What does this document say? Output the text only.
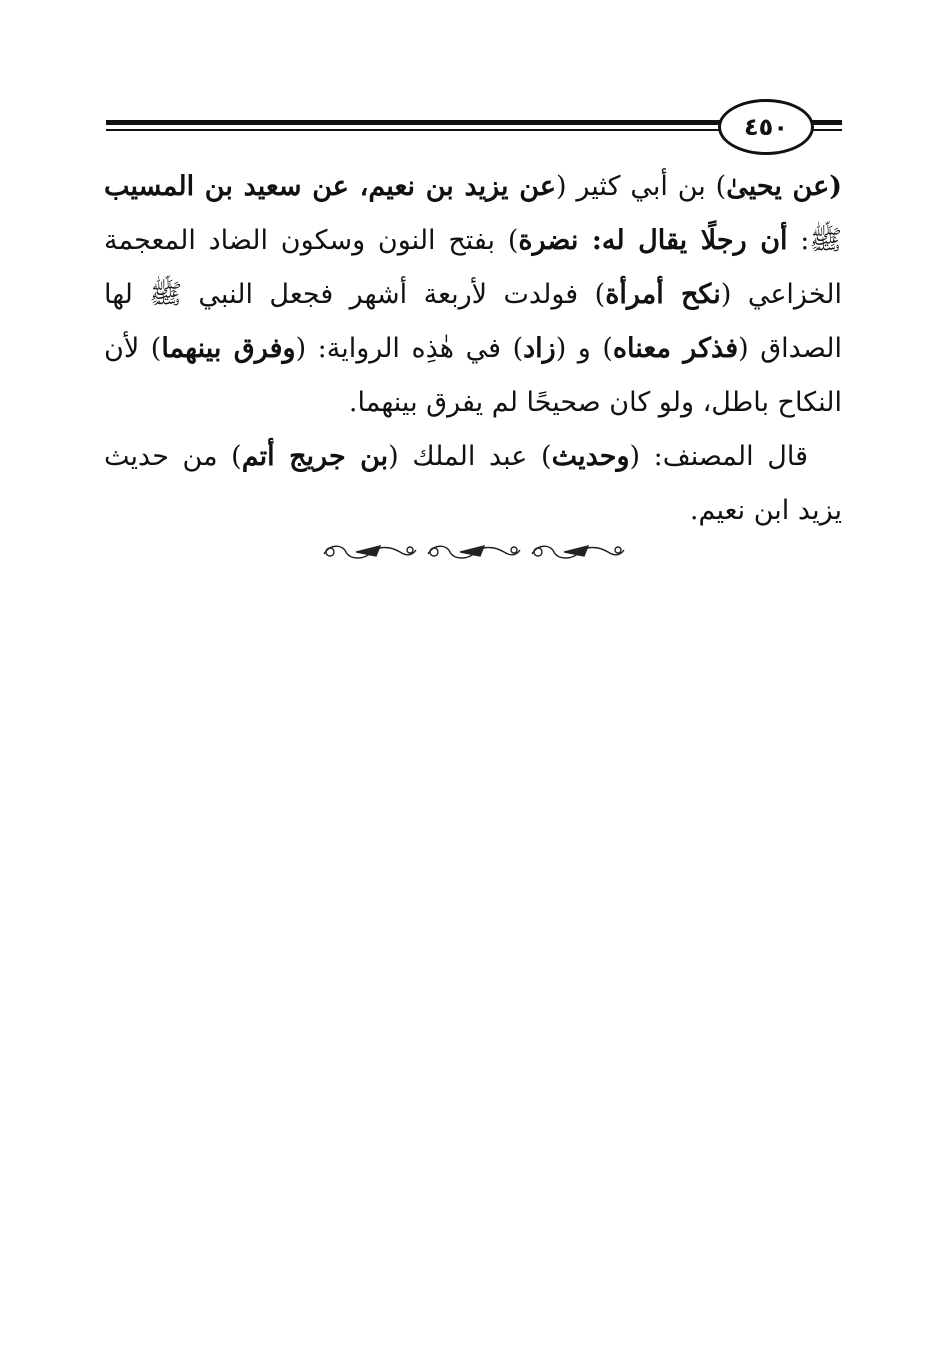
٤٥٠

(عن يحيىٰ) بن أبي كثير (عن يزيد بن نعيم، عن سعيد بن المسيب ﷺ: أن رجلًا يقال له: نضرة) بفتح النون وسكون الضاد المعجمة الخزاعي (نكح أمرأة) فولدت لأربعة أشهر فجعل النبي ﷺ لها الصداق (فذكر معناه) و (زاد) في هٰذِه الرواية: (وفرق بينهما) لأن النكاح باطل، ولو كان صحيحًا لم يفرق بينهما.

قال المصنف: (وحديث) عبد الملك (بن جريج أتم) من حديث يزيد ابن نعيم.
